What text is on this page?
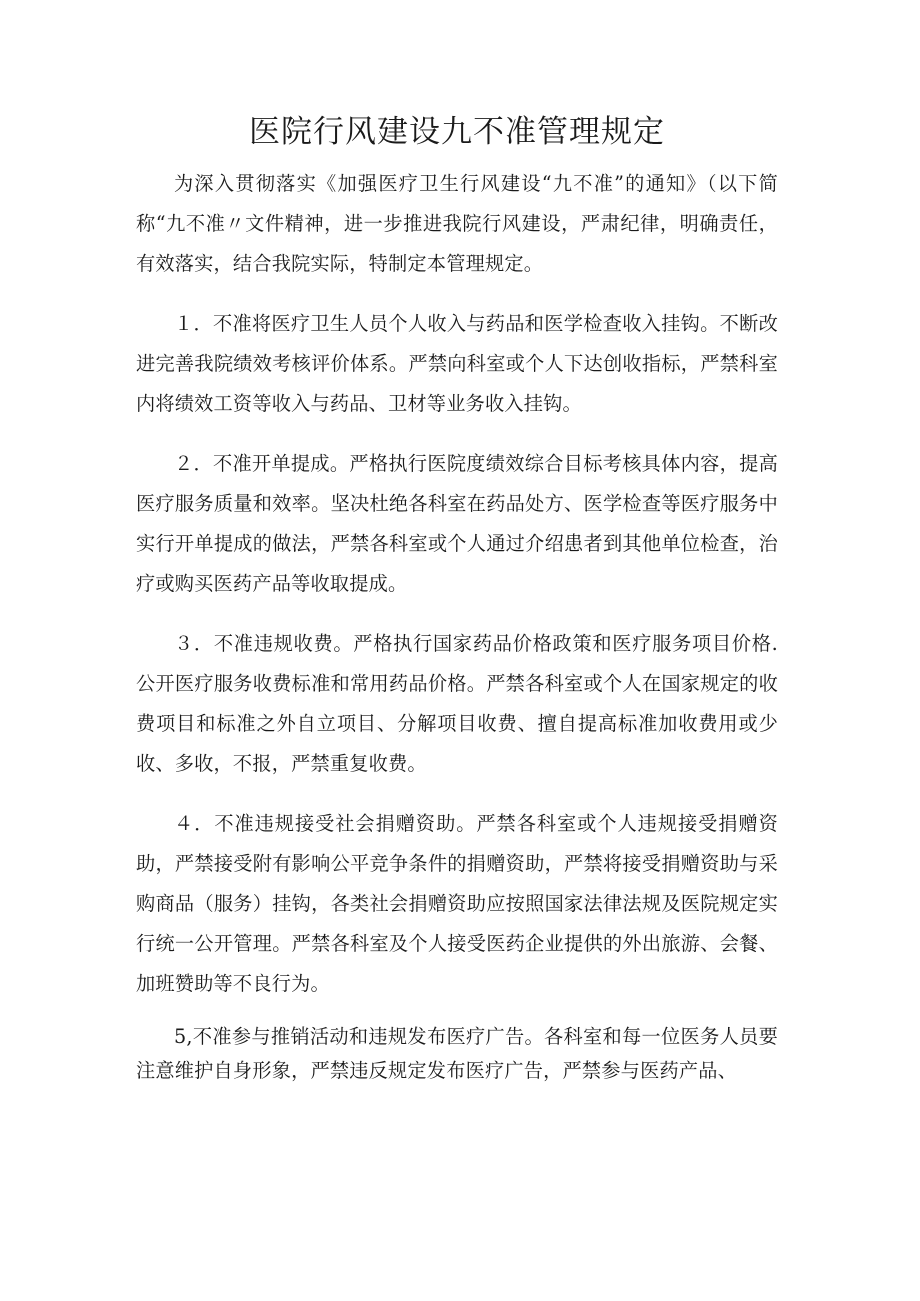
医院行风建设九不准管理规定

为深入贯彻落实《加强医疗卫生行风建设“九不准”的通知》（以下简称“九不准〃文件精神，进一步推进我院行风建设，严肃纪律，明确责任，有效落实，结合我院实际，特制定本管理规定。

１．不准将医疗卫生人员个人收入与药品和医学检查收入挂钩。不断改进完善我院绩效考核评价体系。严禁向科室或个人下达创收指标，严禁科室内将绩效工资等收入与药品、卫材等业务收入挂钩。

２．不准开单提成。严格执行医院度绩效综合目标考核具体内容，提高医疗服务质量和效率。坚决杜绝各科室在药品处方、医学检查等医疗服务中实行开单提成的做法，严禁各科室或个人通过介绍患者到其他单位检查，治疗或购买医药产品等收取提成。

３．不准违规收费。严格执行国家药品价格政策和医疗服务项目价格. 公开医疗服务收费标准和常用药品价格。严禁各科室或个人在国家规定的收费项目和标准之外自立项目、分解项目收费、擅自提高标准加收费用或少收、多收，不报，严禁重复收费。

４．不准违规接受社会捐赠资助。严禁各科室或个人违规接受捐赠资助，严禁接受附有影响公平竞争条件的捐赠资助，严禁将接受捐赠资助与采购商品（服务）挂钩，各类社会捐赠资助应按照国家法律法规及医院规定实行统一公开管理。严禁各科室及个人接受医药企业提供的外出旅游、会餐、加班赞助等不良行为。

5,不准参与推销活动和违规发布医疗广告。各科室和每一位医务人员要注意维护自身形象，严禁违反规定发布医疗广告，严禁参与医药产品、
